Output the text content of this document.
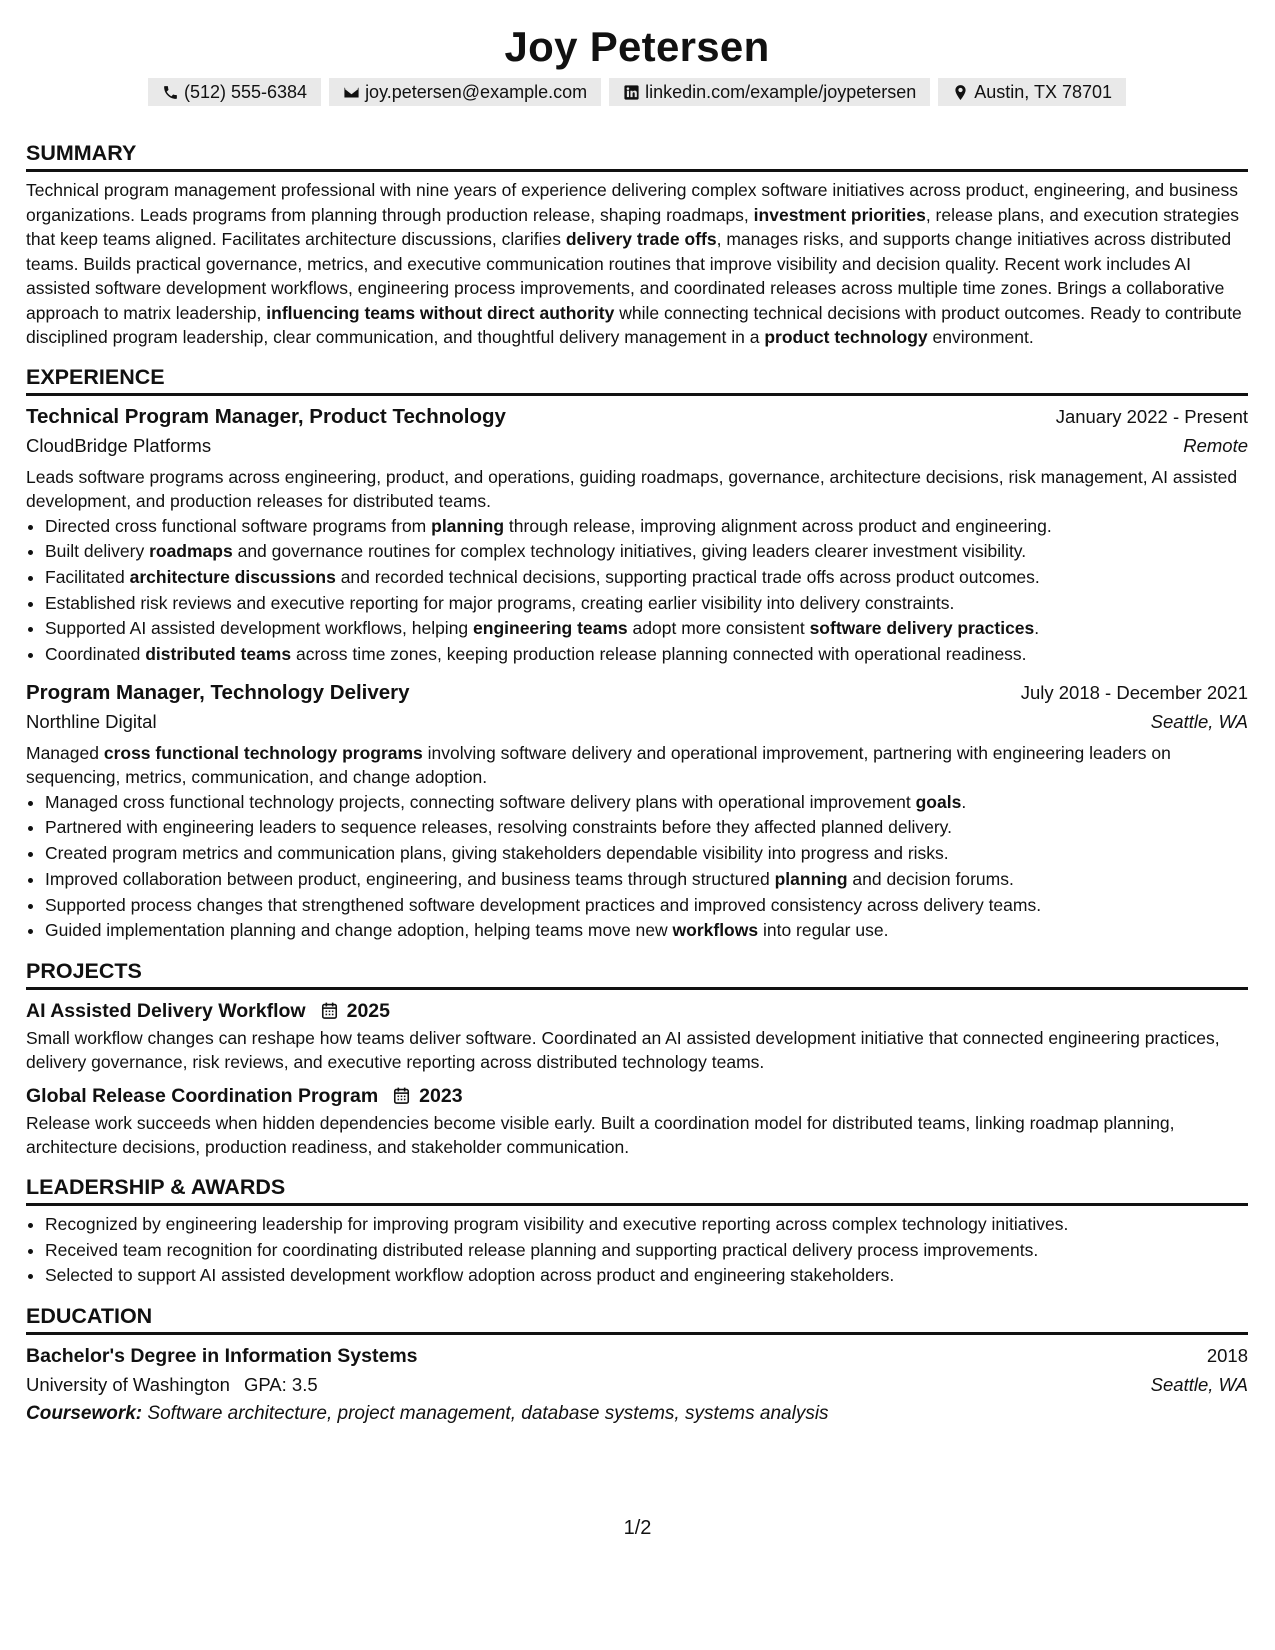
Joy Petersen
(512) 555-6384	joy.petersen@example.com	linkedin.com/example/joypetersen	Austin, TX 78701
SUMMARY

Technical program management professional with nine years of experience delivering complex software initiatives across product, engineering, and business organizations. Leads programs from planning through production release, shaping roadmaps, investment priorities, release plans, and execution strategies that keep teams aligned. Facilitates architecture discussions, clarifies delivery trade offs, manages risks, and supports change initiatives across distributed teams. Builds practical governance, metrics, and executive communication routines that improve visibility and decision quality. Recent work includes AI assisted software development workflows, engineering process improvements, and coordinated releases across multiple time zones. Brings a collaborative approach to matrix leadership, influencing teams without direct authority while connecting technical decisions with product outcomes. Ready to contribute disciplined program leadership, clear communication, and thoughtful delivery management in a product technology environment.

EXPERIENCE
Technical Program Manager, Product Technology	January 2022 - Present
CloudBridge Platforms	Remote

Leads software programs across engineering, product, and operations, guiding roadmaps, governance, architecture decisions, risk management, AI assisted development, and production releases for distributed teams.

• Directed cross functional software programs from planning through release, improving alignment across product and engineering.
• Built delivery roadmaps and governance routines for complex technology initiatives, giving leaders clearer investment visibility.
• Facilitated architecture discussions and recorded technical decisions, supporting practical trade offs across product outcomes.
• Established risk reviews and executive reporting for major programs, creating earlier visibility into delivery constraints.
• Supported AI assisted development workflows, helping engineering teams adopt more consistent software delivery practices.
• Coordinated distributed teams across time zones, keeping production release planning connected with operational readiness.
Program Manager, Technology Delivery	July 2018 - December 2021
Northline Digital	Seattle, WA

Managed cross functional technology programs involving software delivery and operational improvement, partnering with engineering leaders on sequencing, metrics, communication, and change adoption.

• Managed cross functional technology projects, connecting software delivery plans with operational improvement goals.
• Partnered with engineering leaders to sequence releases, resolving constraints before they affected planned delivery.
• Created program metrics and communication plans, giving stakeholders dependable visibility into progress and risks.
• Improved collaboration between product, engineering, and business teams through structured planning and decision forums.
• Supported process changes that strengthened software development practices and improved consistency across delivery teams.
• Guided implementation planning and change adoption, helping teams move new workflows into regular use.
PROJECTS
AI Assisted Delivery Workflow 2025

Small workflow changes can reshape how teams deliver software. Coordinated an AI assisted development initiative that connected engineering practices, delivery governance, risk reviews, and executive reporting across distributed technology teams.

Global Release Coordination Program 2023

Release work succeeds when hidden dependencies become visible early. Built a coordination model for distributed teams, linking roadmap planning, architecture decisions, production readiness, and stakeholder communication.

LEADERSHIP & AWARDS
• Recognized by engineering leadership for improving program visibility and executive reporting across complex technology initiatives.
• Received team recognition for coordinating distributed release planning and supporting practical delivery process improvements.
• Selected to support AI assisted development workflow adoption across product and engineering stakeholders.
EDUCATION
Bachelor's Degree in Information Systems	2018
University of Washington GPA: 3.5	Seattle, WA
Coursework: Software architecture, project management, database systems, systems analysis
1/2
